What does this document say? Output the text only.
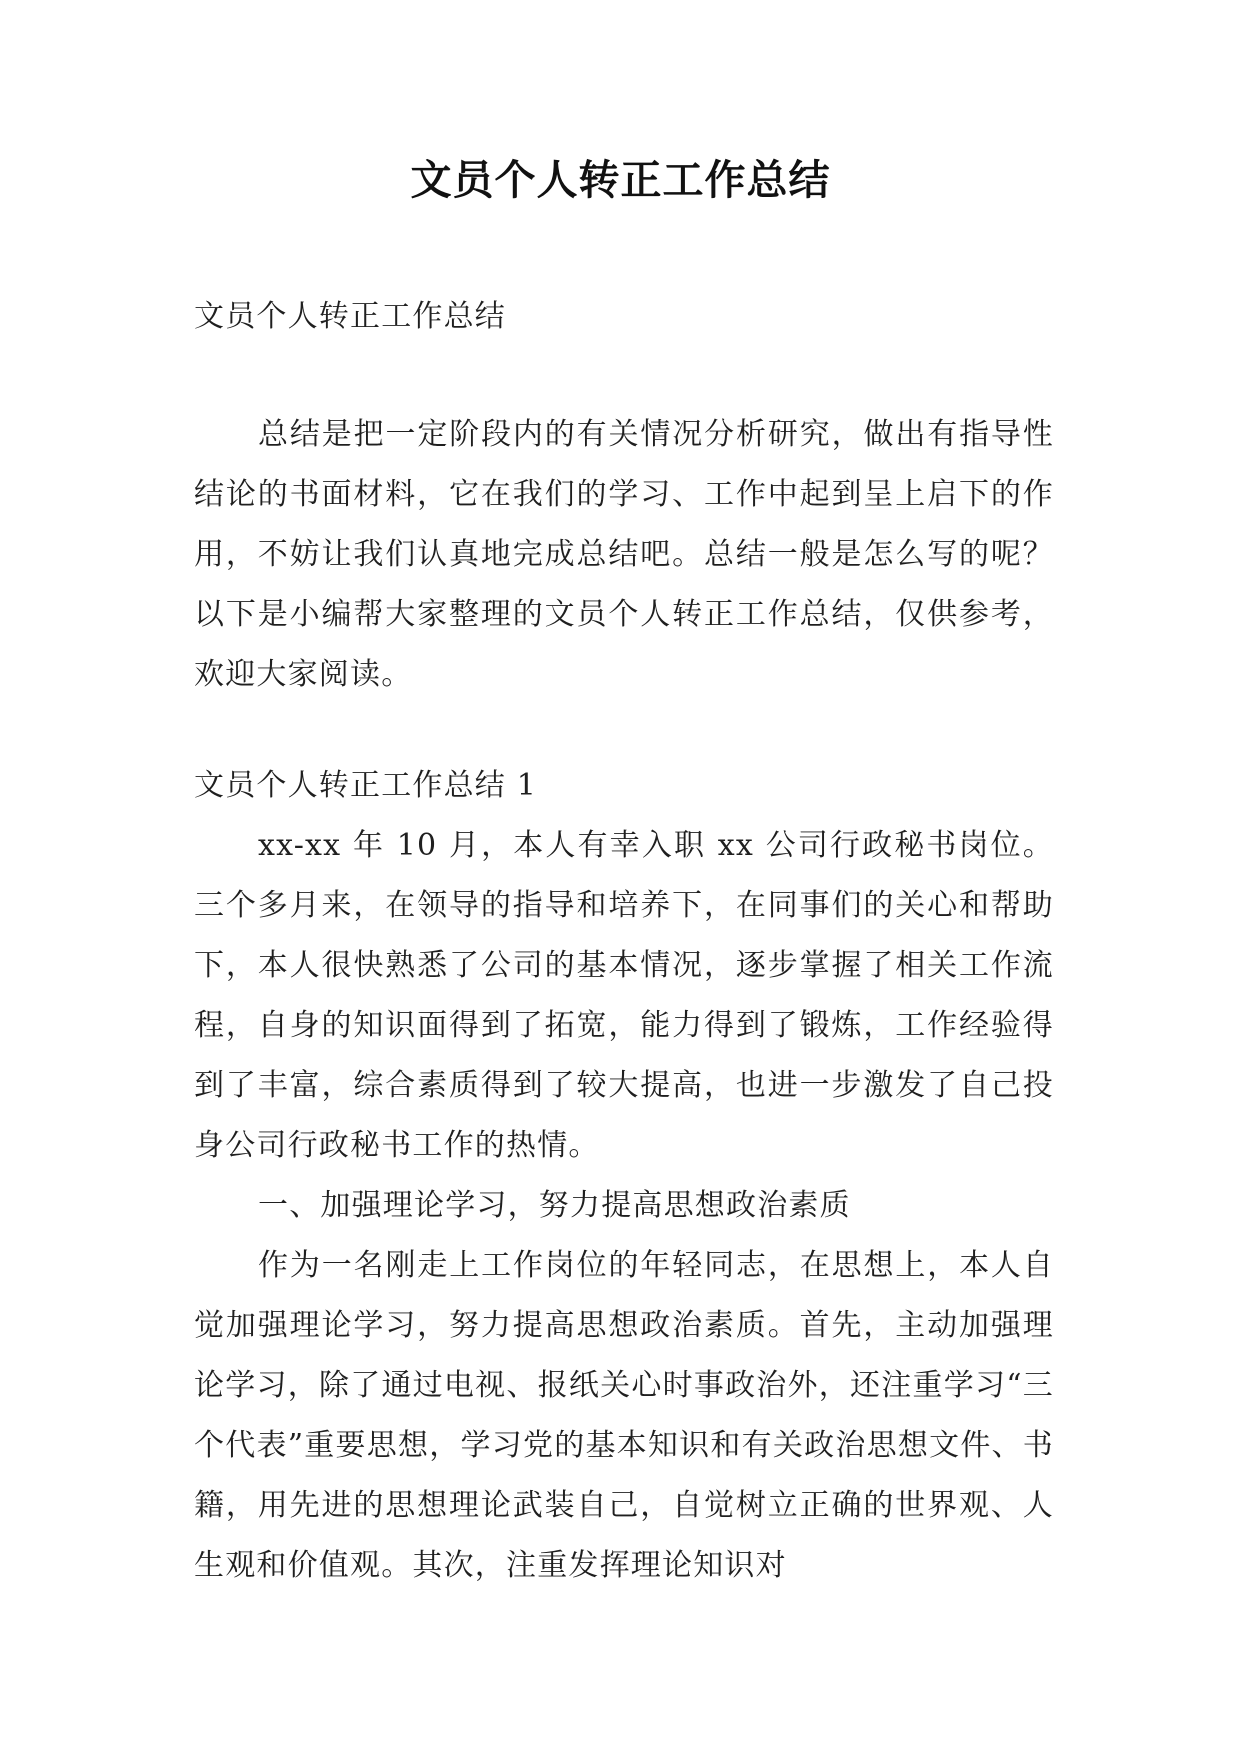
文员个人转正工作总结

文员个人转正工作总结

总结是把一定阶段内的有关情况分析研究，做出有指导性结论的书面材料，它在我们的学习、工作中起到呈上启下的作用，不妨让我们认真地完成总结吧。总结一般是怎么写的呢？以下是小编帮大家整理的文员个人转正工作总结，仅供参考，欢迎大家阅读。

文员个人转正工作总结 1

xx-xx 年 10 月，本人有幸入职 xx 公司行政秘书岗位。三个多月来，在领导的指导和培养下，在同事们的关心和帮助下，本人很快熟悉了公司的基本情况，逐步掌握了相关工作流程，自身的知识面得到了拓宽，能力得到了锻炼，工作经验得到了丰富，综合素质得到了较大提高，也进一步激发了自己投身公司行政秘书工作的热情。

一、加强理论学习，努力提高思想政治素质

作为一名刚走上工作岗位的年轻同志，在思想上，本人自觉加强理论学习，努力提高思想政治素质。首先，主动加强理论学习，除了通过电视、报纸关心时事政治外，还注重学习“三个代表”重要思想，学习党的基本知识和有关政治思想文件、书籍，用先进的思想理论武装自己，自觉树立正确的世界观、人生观和价值观。其次，注重发挥理论知识对
